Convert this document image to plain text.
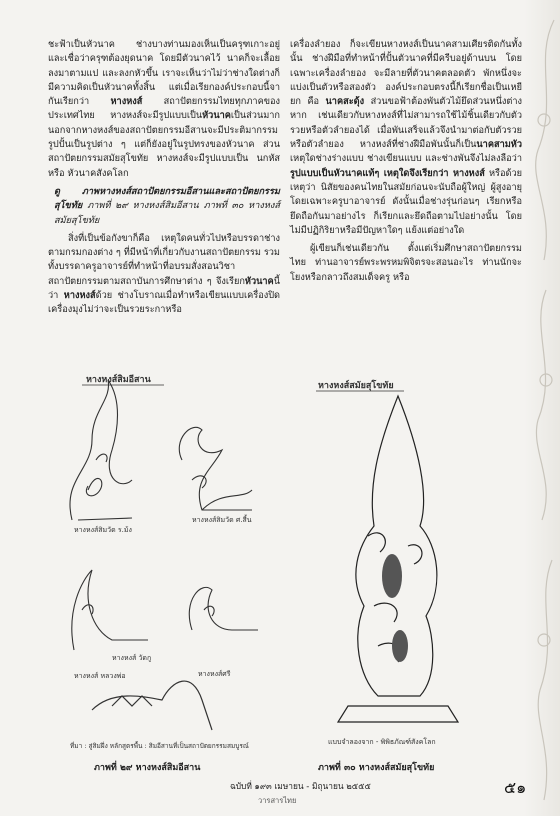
ชะฟ้าเป็นหัวนาค ช่างบางท่านมองเห็นเป็นครุฑเกาะอยู่ และเชื่อว่าครุฑต้องยุดนาค โดยมีตัวนาคไว้ นาคก็จะเลื้อยลงมาตามแป และลงกหัวขึ้น เราจะเห็นว่าไม่ว่าช่างใดต่างก็มีความคิดเป็นหัวนาคทั้งสิ้น แต่เมื่อเรียกองค์ประกอบนี้จากันเรียกว่า หางหงส์ สถาปัตยกรรมไทยทุกภาคของประเทศไทย หางหงส์จะมีรูปแบบเป็นหัวนาคเป็นส่วนมาก นอกจากหางหงส์ของสถาปัตยกรรมอีสานจะมีประติมากรรมรูปปั้นเป็นรูปต่าง ๆ แต่ก็ยังอยู่ในรูปทรงของหัวนาค ส่วนสถาปัตยกรรมสมัยสุโขทัย หางหงส์จะมีรูปแบบเป็น นกหัส หรือ หัวนาคสังคโลก

ดู ภาพหางหงส์สถาปัตยกรรมอีสานและสถาปัตยกรรมสุโขทัย ภาพที่ ๒๙ หางหงส์สิมอีสาน ภาพที่ ๓๐ หางหงส์สมัยสุโขทัย

สิ่งที่เป็นข้อกังขาก็คือ เหตุใดคนทั่วไปหรือบรรดาช่างตามกรมกองต่าง ๆ ที่มีหน้าที่เกี่ยวกับงานสถาปัตยกรรม รวมทั้งบรรดาครูอาจารย์ที่ทำหน้าที่อบรมสั่งสอนวิชาสถาปัตยกรรมตามสถาบันการศึกษาต่าง ๆ จึงเรียกหัวนาคนี้ว่า หางหงส์ด้วย ช่างโบราณเมื่อทำหรือเขียนแบบเครื่องปิดเครื่องมุงไม่ว่าจะเป็นรวยระกาหรือ

เครื่องลำยอง ก็จะเขียนหางหงส์เป็นนาคสามเศียรติดกันทั้งนั้น ช่างฝีมือที่ทำหน้าที่ปั้นตัวนาคที่มีครีบอยู่ด้านบน โดยเฉพาะเครื่องลำยอง จะมีลายที่ตัวนาคตลอดตัว พักหนึ่งจะแบ่งเป็นตัวหรือสองตัว องค์ประกอบตรงนี้ก็เรียกชื่อเป็นเหยียก คือ นาคสะดุ้ง ส่วนขอฟ้าต้องพันตัวไม้ยึดส่วนหนึ่งต่างหาก เช่นเดียวกับหางหงส์ที่ไม่สามารถใช้ไม้ชิ้นเดียวกับตัวรวยหรือตัวลำยองได้ เมื่อพันเสร็จแล้วจึงนำมาต่อกับตัวรวยหรือตัวลำยอง หางหงส์ที่ช่างฝีมือพันนั้นก็เป็นนาคสามหัว เหตุใดช่างร่างแบบ ช่างเขียนแบบ และช่างพันจึงไม่ลงลือว่ารูปแบบเป็นหัวนาคแท้ๆ เหตุใดจึงเรียกว่า หางหงส์ หรือด้วยเหตุว่า นิสัยของคนไทยในสมัยก่อนจะนับถือผู้ใหญ่ ผู้สูงอายุ โดยเฉพาะครูบาอาจารย์ ดังนั้นเมื่อช่างรุ่นก่อนๆ เรียกหรือยึดถือกันมาอย่างไร ก็เรียกและยึดถือตามไปอย่างนั้น โดยไม่มีปฏิกิริยาหรือมีปัญหาใดๆ แย้งแต่อย่างใด

ผู้เขียนก็เช่นเดียวกัน ตั้งแต่เริ่มศึกษาสถาปัตยกรรมไทย ท่านอาจารย์พระพรหมพิจิตรจะสอนอะไร ท่านนักจะโยงหรือกลาวถึงสมเด็จครู หรือ

หางหงส์สิมอีสาน
หางหงส์สิมวัด ร.ม้ง
หางหงส์สิมวัด ศ.สี้น
หางหงส์ วัดกู
หางหงส์ หลวงพ่อ	หางหงส์ศรี
ที่มา : สู่สิมฝึ่ง หลักสูตรพื้น : สิมอีสานที่เป็นสถาปัตยกรรมสมบูรณ์
หางหงส์สมัยสุโขทัย
แบบจำลองจาก - พิพิธภัณฑ์สังคโลก
ภาพที่ ๒๙ หางหงส์สิมอีสาน	ภาพที่ ๓๐ หางหงส์สมัยสุโขทัย
ฉบับที่ ๑๙๓ เมษายน - มิถุนายน ๒๕๕๕
วารสารไทย
๕๑
